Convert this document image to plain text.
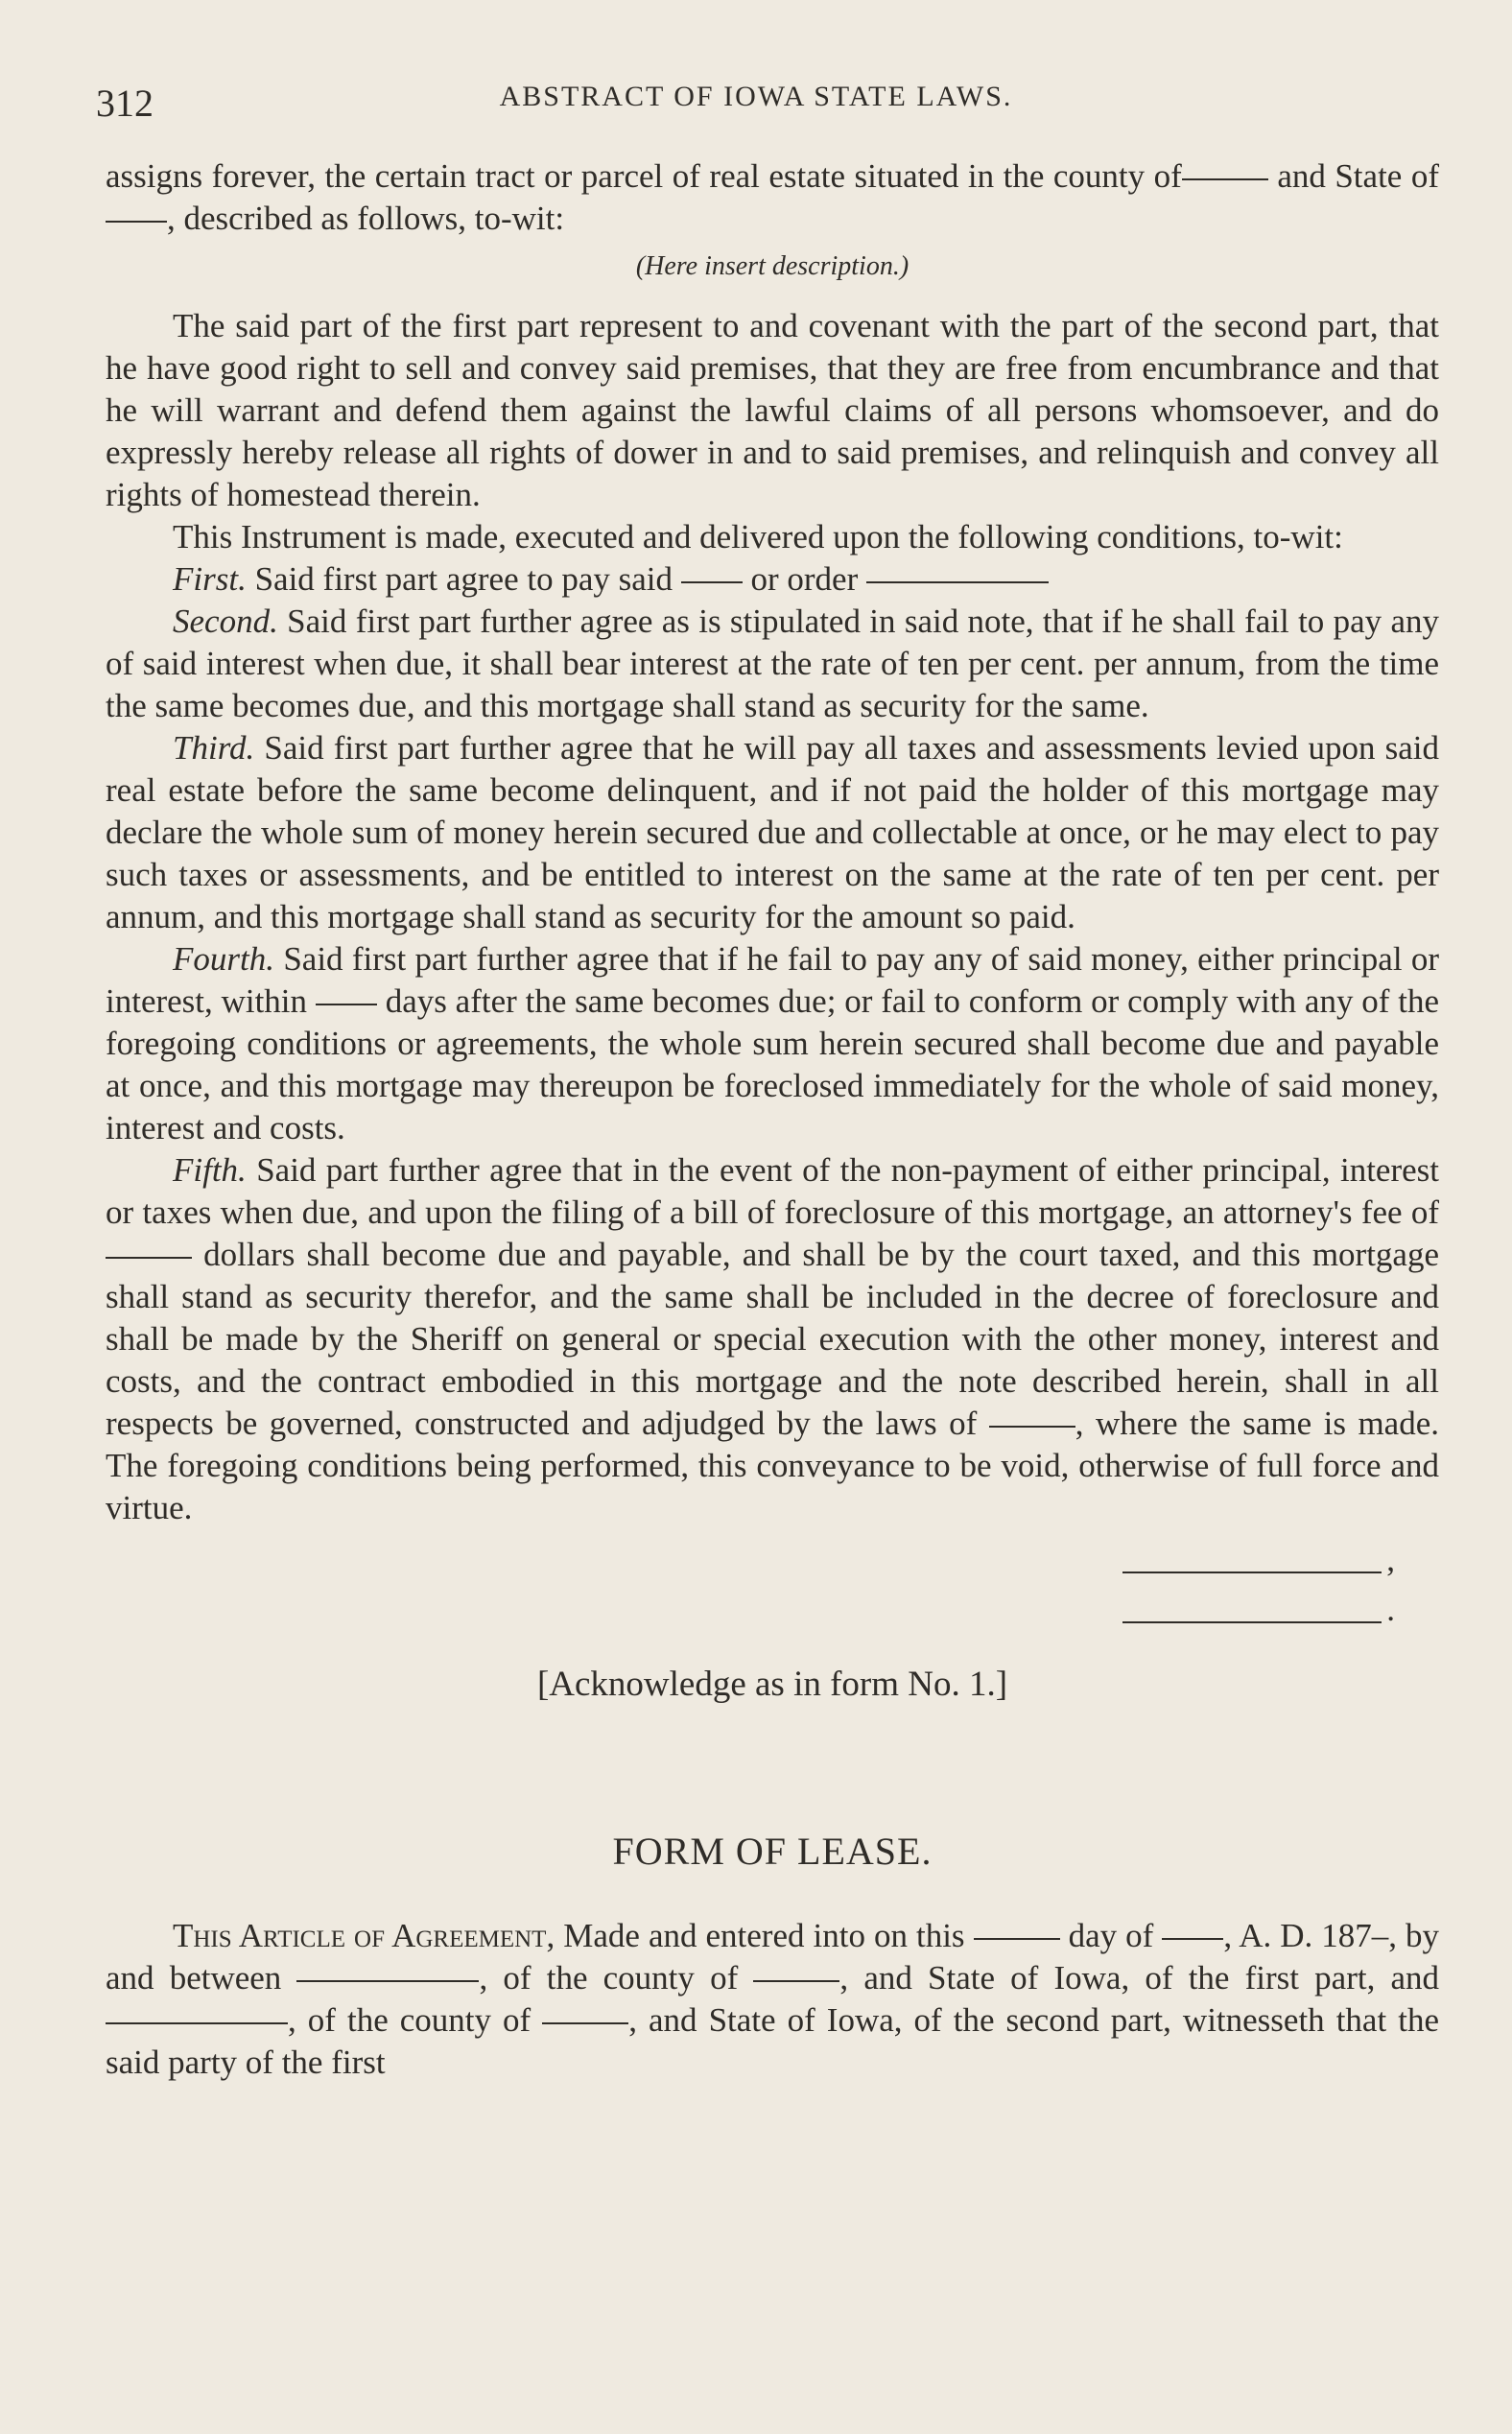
312	ABSTRACT OF IOWA STATE LAWS.

assigns forever, the certain tract or parcel of real estate situated in the county of	and State of , described as follows, to-wit:

(Here insert description.)

The said part of the first part represent to and covenant with the part of the second part, that he have good right to sell and convey said premises, that they are free from encumbrance and that he will warrant and defend them against the lawful claims of all persons whomsoever, and do expressly hereby release all rights of dower in and to said premises, and relinquish and convey all rights of homestead therein.

This Instrument is made, executed and delivered upon the following conditions, to-wit:

First. Said first part agree to pay said or order

Second. Said first part further agree as is stipulated in said note, that if he shall fail to pay any of said interest when due, it shall bear interest at the rate of ten per cent. per annum, from the time the same becomes due, and this mortgage shall stand as security for the same.

Third. Said first part further agree that he will pay all taxes and assessments levied upon said real estate before the same become delinquent, and if not paid the holder of this mortgage may declare the whole sum of money herein secured due and collectable at once, or he may elect to pay such taxes or assessments, and be entitled to interest on the same at the rate of ten per cent. per annum, and this mortgage shall stand as security for the amount so paid.

Fourth. Said first part further agree that if he fail to pay any of said money, either principal or interest, within days after the same becomes due; or fail to conform or comply with any of the foregoing conditions or agreements, the whole sum herein secured shall become due and payable at once, and this mortgage may thereupon be foreclosed immediately for the whole of said money, interest and costs.

Fifth. Said part further agree that in the event of the non-payment of either principal, interest or taxes when due, and upon the filing of a bill of foreclosure of this mortgage, an attorney's fee of  dollars shall become due and payable, and shall be by the court taxed, and this mortgage shall stand as security therefor, and the same shall be included in the decree of foreclosure and shall be made by the Sheriff on general or special execution with the other money, interest and costs, and the contract embodied in this mortgage and the note described herein, shall in all respects be governed, constructed and adjudged by the laws of	, where the same is made. The foregoing conditions being performed, this conveyance to be void, otherwise of full force and virtue.

,
.

[Acknowledge as in form No. 1.]

FORM OF LEASE.

This Article of Agreement, Made and entered into on this	day of , A. D. 187–, by and between	, of the county of	, and State of Iowa, of the first part, and , of the county of	, and State of Iowa, of the second part, witnesseth that the said party of the first
